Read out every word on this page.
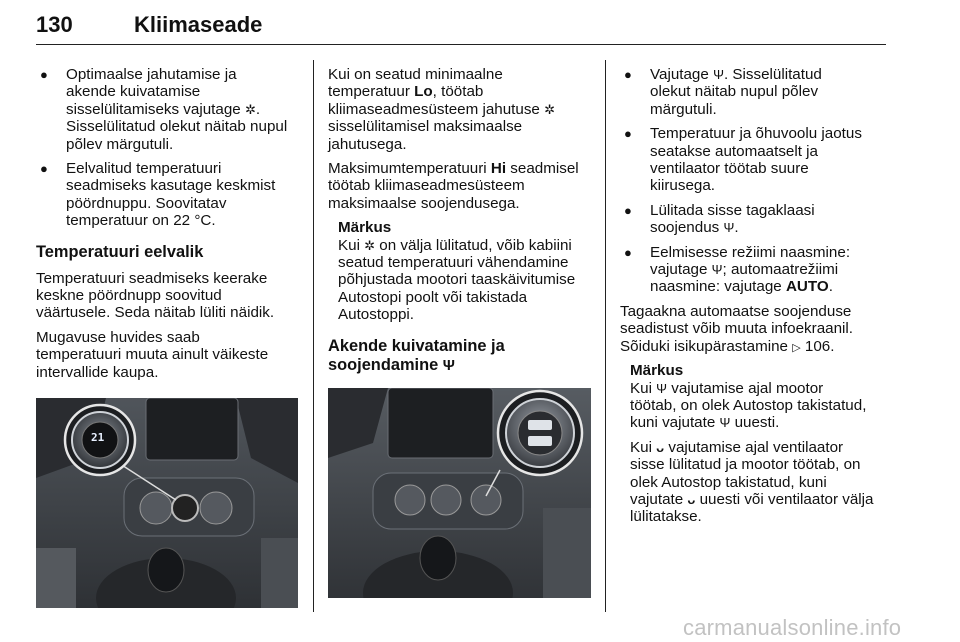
130	Kliimaseade
●	Optimaalse jahutamise ja
akende kuivatamise
sisselülitamiseks vajutage ✲.
Sisselülitatud olekut näitab nupul
põlev märgutuli.
●	Eelvalitud temperatuuri
seadmiseks kasutage keskmist
pöördnuppu. Soovitatav
temperatuur on 22 °C.
Temperatuuri eelvalik

Temperatuuri seadmiseks keerake
keskne pöördnupp soovitud
väärtusele. Seda näitab lüliti näidik.

Mugavuse huvides saab
temperatuuri muuta ainult väikeste
intervallide kaupa.

21

Kui on seatud minimaalne
temperatuur Lo, töötab
kliimaseadmesüsteem jahutuse ✲
sisselülitamisel maksimaalse
jahutusega.

Maksimumtemperatuuri Hi seadmisel
töötab kliimaseadmesüsteem
maksimaalse soojendusega.

Märkus
Kui ✲ on välja lülitatud, võib kabiini
seatud temperatuuri vähendamine
põhjustada mootori taaskäivitumise
Autostopi poolt või takistada
Autostoppi.
Akende kuivatamine ja
soojendamine Ψ
●	Vajutage Ψ. Sisselülitatud
olekut näitab nupul põlev
märgutuli.
●	Temperatuur ja õhuvoolu jaotus
seatakse automaatselt ja
ventilaator töötab suure
kiirusega.
●	Lülitada sisse tagaklaasi
soojendus Ψ.
●	Eelmisesse režiimi naasmine:
vajutage Ψ; automaatrežiimi
naasmine: vajutage AUTO.

Tagaakna automaatse soojenduse
seadistust võib muuta infoekraanil.
Sõiduki isikupärastamine ▷ 106.

Märkus
Kui Ψ vajutamise ajal mootor
töötab, on olek Autostop takistatud,
kuni vajutate Ψ uuesti.
Kui ᴗ vajutamise ajal ventilaator
sisse lülitatud ja mootor töötab, on
olek Autostop takistatud, kuni
vajutate ᴗ uuesti või ventilaator välja
lülitatakse.
carmanualsonline.info
